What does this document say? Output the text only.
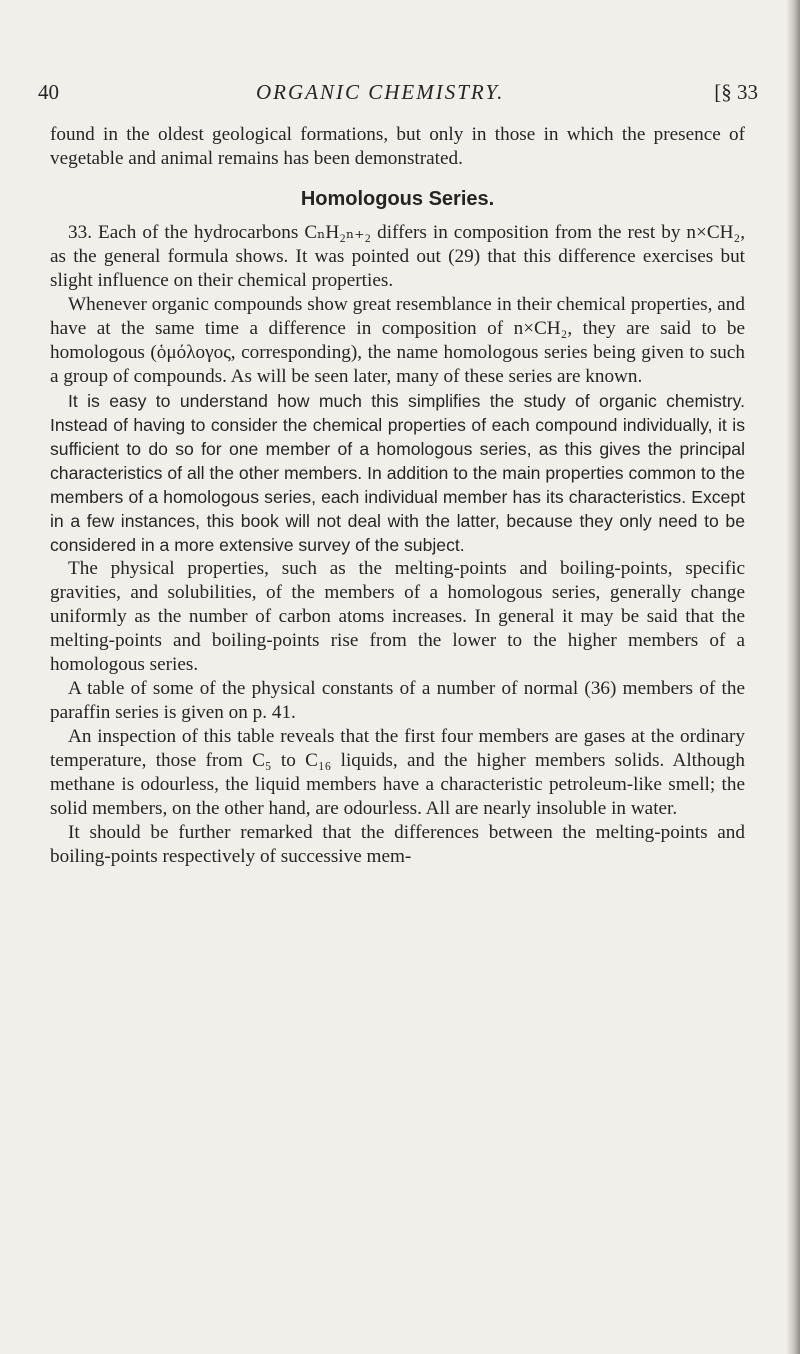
40	ORGANIC CHEMISTRY.	[§ 33

found in the oldest geological formations, but only in those in which the presence of vegetable and animal remains has been demonstrated.

Homologous Series.

33. Each of the hydrocarbons CₙH₂ₙ₊₂ differs in composition from the rest by n×CH₂, as the general formula shows. It was pointed out (29) that this difference exercises but slight influence on their chemical properties.

Whenever organic compounds show great resemblance in their chemical properties, and have at the same time a difference in composition of n×CH₂, they are said to be homologous (ὁμόλογος, corresponding), the name homologous series being given to such a group of compounds. As will be seen later, many of these series are known.

It is easy to understand how much this simplifies the study of organic chemistry. Instead of having to consider the chemical properties of each compound individually, it is sufficient to do so for one member of a homologous series, as this gives the principal characteristics of all the other members. In addition to the main properties common to the members of a homologous series, each individual member has its characteristics. Except in a few instances, this book will not deal with the latter, because they only need to be considered in a more extensive survey of the subject.

The physical properties, such as the melting-points and boiling-points, specific gravities, and solubilities, of the members of a homologous series, generally change uniformly as the number of carbon atoms increases. In general it may be said that the melting-points and boiling-points rise from the lower to the higher members of a homologous series.

A table of some of the physical constants of a number of normal (36) members of the paraffin series is given on p. 41.

An inspection of this table reveals that the first four members are gases at the ordinary temperature, those from C₅ to C₁₆ liquids, and the higher members solids. Although methane is odourless, the liquid members have a characteristic petroleum-like smell; the solid members, on the other hand, are odourless. All are nearly insoluble in water.

It should be further remarked that the differences between the melting-points and boiling-points respectively of successive mem-
